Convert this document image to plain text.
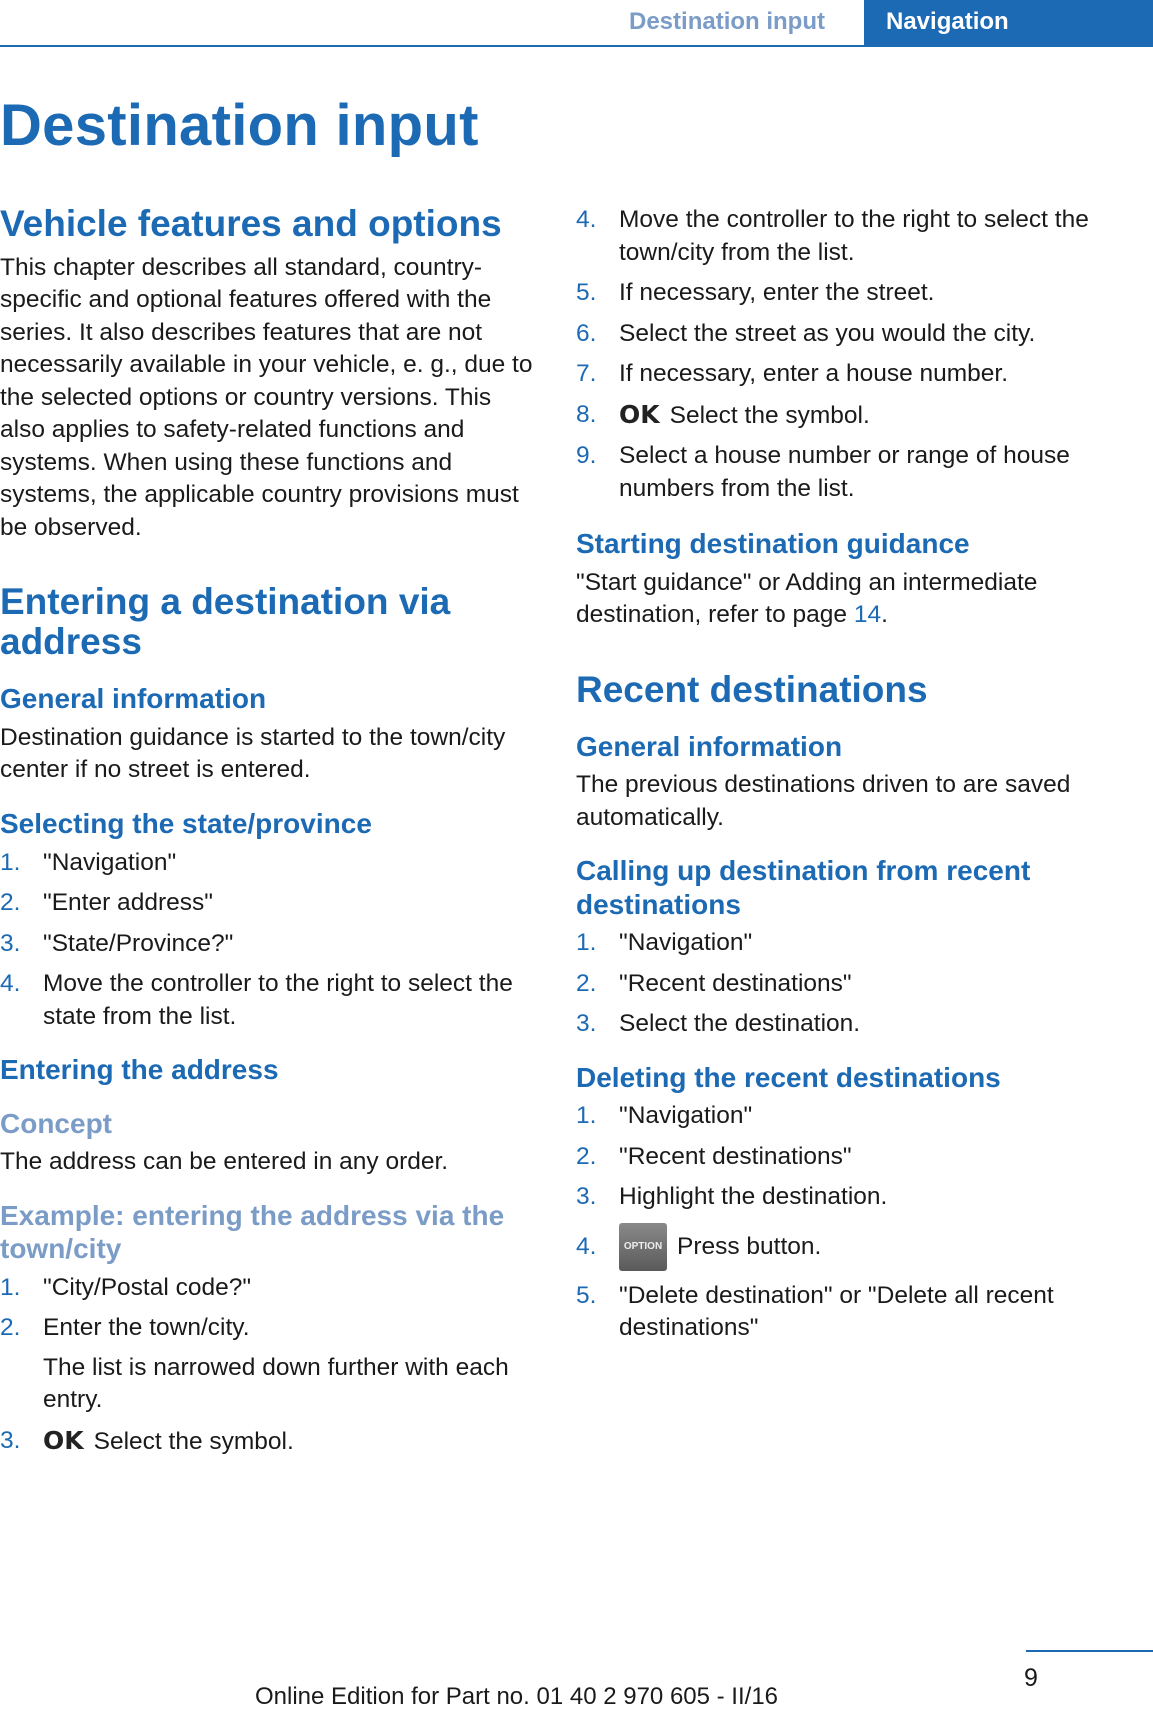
Destination input	Navigation
Destination input
Vehicle features and options

This chapter describes all standard, country-specific and optional features offered with the series. It also describes features that are not necessarily available in your vehicle, e. g., due to the selected options or country versions. This also applies to safety-related functions and systems. When using these functions and systems, the applicable country provisions must be observed.

Entering a destination via address
General information

Destination guidance is started to the town/city center if no street is entered.

Selecting the state/province
1. "Navigation"
2. "Enter address"
3. "State/Province?"
4. Move the controller to the right to select the state from the list.
Entering the address
Concept

The address can be entered in any order.

Example: entering the address via the town/city
1. "City/Postal code?"
2. Enter the town/city.
The list is narrowed down further with each entry.
3. OK Select the symbol.
4. Move the controller to the right to select the town/city from the list.
5. If necessary, enter the street.
6. Select the street as you would the city.
7. If necessary, enter a house number.
8. OK Select the symbol.
9. Select a house number or range of house numbers from the list.
Starting destination guidance

"Start guidance" or Adding an intermediate destination, refer to page 14.

Recent destinations
General information

The previous destinations driven to are saved automatically.

Calling up destination from recent destinations
1. "Navigation"
2. "Recent destinations"
3. Select the destination.
Deleting the recent destinations
1. "Navigation"
2. "Recent destinations"
3. Highlight the destination.
4.	OPTION Press button.
5. "Delete destination" or "Delete all recent destinations"
9
Online Edition for Part no. 01 40 2 970 605 - II/16
